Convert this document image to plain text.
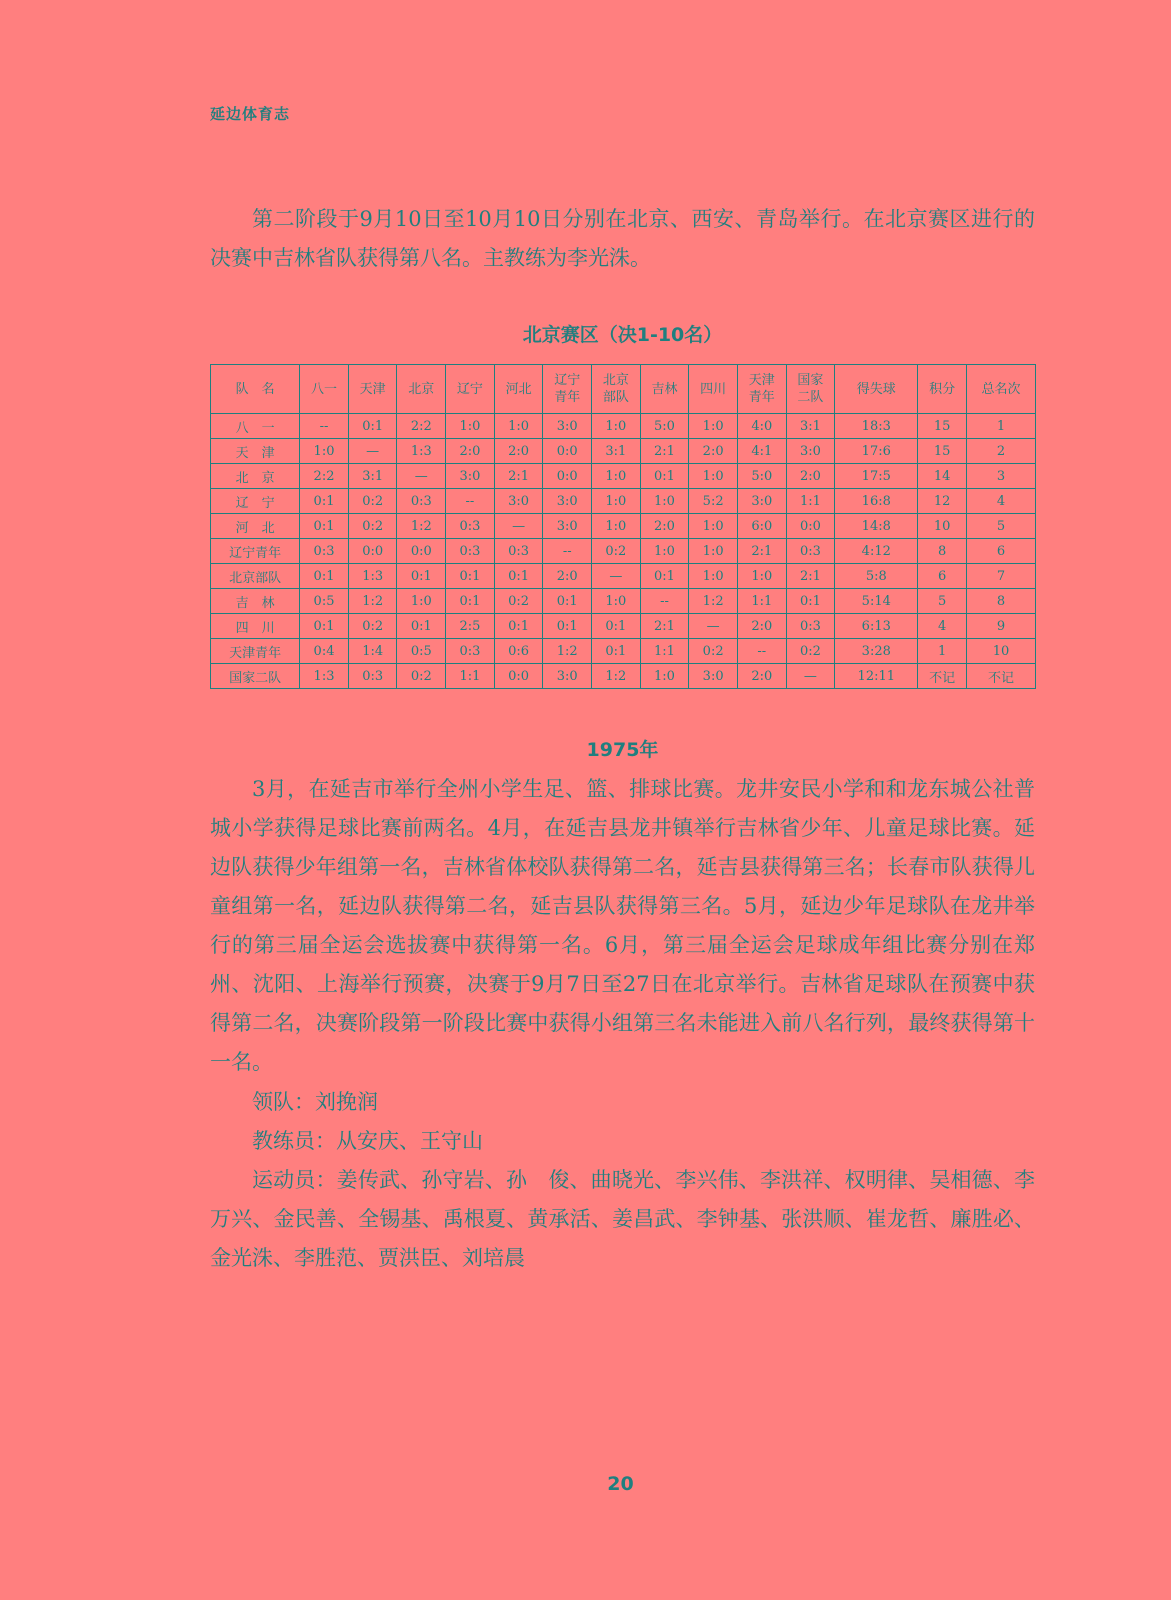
延边体育志

第二阶段于9月10日至10月10日分别在北京、西安、青岛举行。在北京赛区进行的决赛中吉林省队获得第八名。主教练为李光洙。

北京赛区（决1-10名）
队　名	八一	天津	北京	辽宁	河北	辽宁青年	北京部队	吉林	四川	天津青年	国家二队	得失球	积分	总名次
八　一	--	0:1	2:2	1:0	1:0	3:0	1:0	5:0	1:0	4:0	3:1	18:3	15	1
天　津	1:0	—	1:3	2:0	2:0	0:0	3:1	2:1	2:0	4:1	3:0	17:6	15	2
北　京	2:2	3:1	—	3:0	2:1	0:0	1:0	0:1	1:0	5:0	2:0	17:5	14	3
辽　宁	0:1	0:2	0:3	--	3:0	3:0	1:0	1:0	5:2	3:0	1:1	16:8	12	4
河　北	0:1	0:2	1:2	0:3	—	3:0	1:0	2:0	1:0	6:0	0:0	14:8	10	5
辽宁青年	0:3	0:0	0:0	0:3	0:3	--	0:2	1:0	1:0	2:1	0:3	4:12	8	6
北京部队	0:1	1:3	0:1	0:1	0:1	2:0	—	0:1	1:0	1:0	2:1	5:8	6	7
吉　林	0:5	1:2	1:0	0:1	0:2	0:1	1:0	--	1:2	1:1	0:1	5:14	5	8
四　川	0:1	0:2	0:1	2:5	0:1	0:1	0:1	2:1	—	2:0	0:3	6:13	4	9
天津青年	0:4	1:4	0:5	0:3	0:6	1:2	0:1	1:1	0:2	--	0:2	3:28	1	10
国家二队	1:3	0:3	0:2	1:1	0:0	3:0	1:2	1:0	3:0	2:0	—	12:11	不记	不记
1975年

3月，在延吉市举行全州小学生足、篮、排球比赛。龙井安民小学和和龙东城公社普城小学获得足球比赛前两名。4月，在延吉县龙井镇举行吉林省少年、儿童足球比赛。延边队获得少年组第一名，吉林省体校队获得第二名，延吉县获得第三名；长春市队获得儿童组第一名，延边队获得第二名，延吉县队获得第三名。5月，延边少年足球队在龙井举行的第三届全运会选拔赛中获得第一名。6月，第三届全运会足球成年组比赛分别在郑州、沈阳、上海举行预赛，决赛于9月7日至27日在北京举行。吉林省足球队在预赛中获得第二名，决赛阶段第一阶段比赛中获得小组第三名未能进入前八名行列，最终获得第十一名。

领队：刘挽润

教练员：从安庆、王守山

运动员：姜传武、孙守岩、孙　俊、曲晓光、李兴伟、李洪祥、权明律、吴相德、李万兴、金民善、全锡基、禹根夏、黄承活、姜昌武、李钟基、张洪顺、崔龙哲、廉胜必、金光洙、李胜范、贾洪臣、刘培晨

20
